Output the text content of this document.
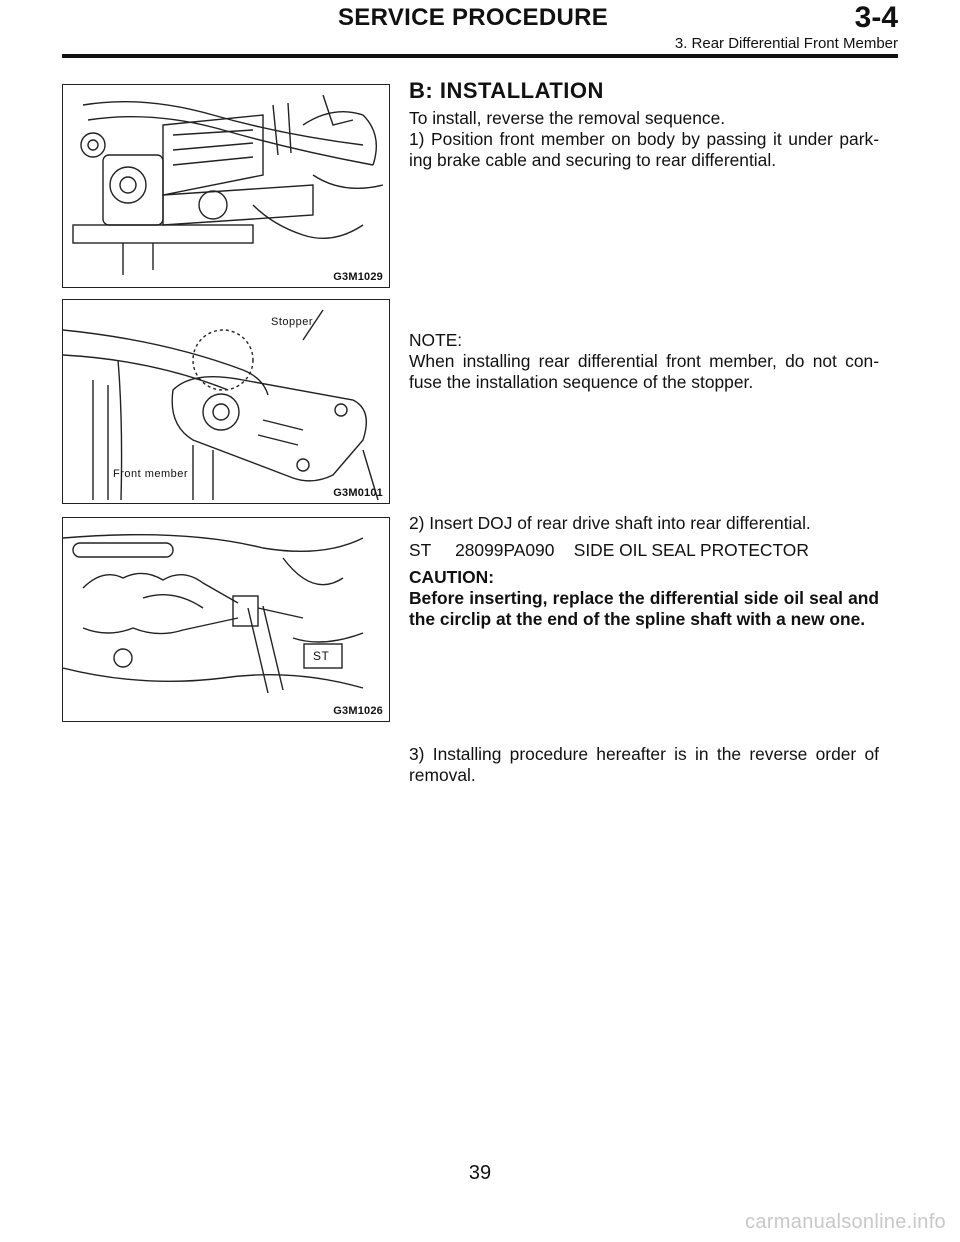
SERVICE PROCEDURE	3-4
3. Rear Differential Front Member
G3M1029
Stopper
Front member
G3M0101
ST
G3M1026
B: INSTALLATION
To install, reverse the removal sequence.
1) Position front member on body by passing it under park-ing brake cable and securing to rear differential.
NOTE:
When installing rear differential front member, do not con-fuse the installation sequence of the stopper.
2) Insert DOJ of rear drive shaft into rear differential.
ST 28099PA090 SIDE OIL SEAL PROTECTOR
CAUTION:
Before inserting, replace the differential side oil seal and the circlip at the end of the spline shaft with a new one.
3) Installing procedure hereafter is in the reverse order of removal.
39
carmanualsonline.info
